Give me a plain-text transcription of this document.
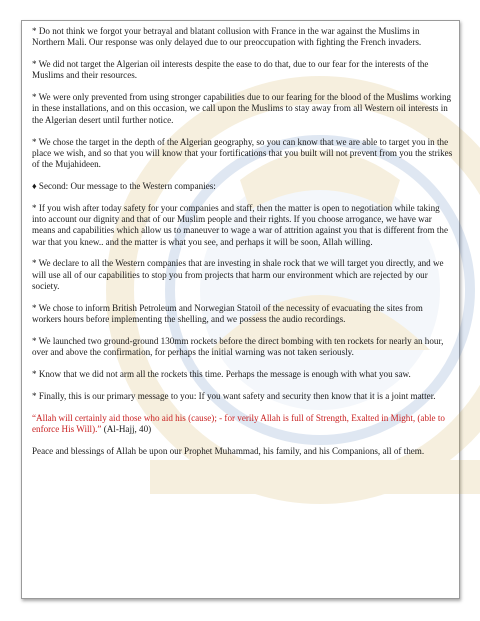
* Do not think we forgot your betrayal and blatant collusion with France in the war against the Muslims in Northern Mali. Our response was only delayed due to our preoccupation with fighting the French invaders.

* We did not target the Algerian oil interests despite the ease to do that, due to our fear for the interests of the Muslims and their resources.

* We were only prevented from using stronger capabilities due to our fearing for the blood of the Muslims working in these installations, and on this occasion, we call upon the Muslims to stay away from all Western oil interests in the Algerian desert until further notice.

* We chose the target in the depth of the Algerian geography, so you can know that we are able to target you in the place we wish, and so that you will know that your fortifications that you built will not prevent from you the strikes of the Mujahideen.

♦ Second: Our message to the Western companies:

* If you wish after today safety for your companies and staff, then the matter is open to negotiation while taking into account our dignity and that of our Muslim people and their rights. If you choose arrogance, we have war means and capabilities which allow us to maneuver to wage a war of attrition against you that is different from the war that you knew.. and the matter is what you see, and perhaps it will be soon, Allah willing.

* We declare to all the Western companies that are investing in shale rock that we will target you directly, and we will use all of our capabilities to stop you from projects that harm our environment which are rejected by our society.

* We chose to inform British Petroleum and Norwegian Statoil of the necessity of evacuating the sites from workers hours before implementing the shelling, and we possess the audio recordings.

* We launched two ground-ground 130mm rockets before the direct bombing with ten rockets for nearly an hour, over and above the confirmation, for perhaps the initial warning was not taken seriously.

* Know that we did not arm all the rockets this time. Perhaps the message is enough with what you saw.

* Finally, this is our primary message to you: If you want safety and security then know that it is a joint matter.

“Allah will certainly aid those who aid his (cause); - for verily Allah is full of Strength, Exalted in Might, (able to enforce His Will).” (Al-Hajj, 40)

Peace and blessings of Allah be upon our Prophet Muhammad, his family, and his Companions, all of them.
